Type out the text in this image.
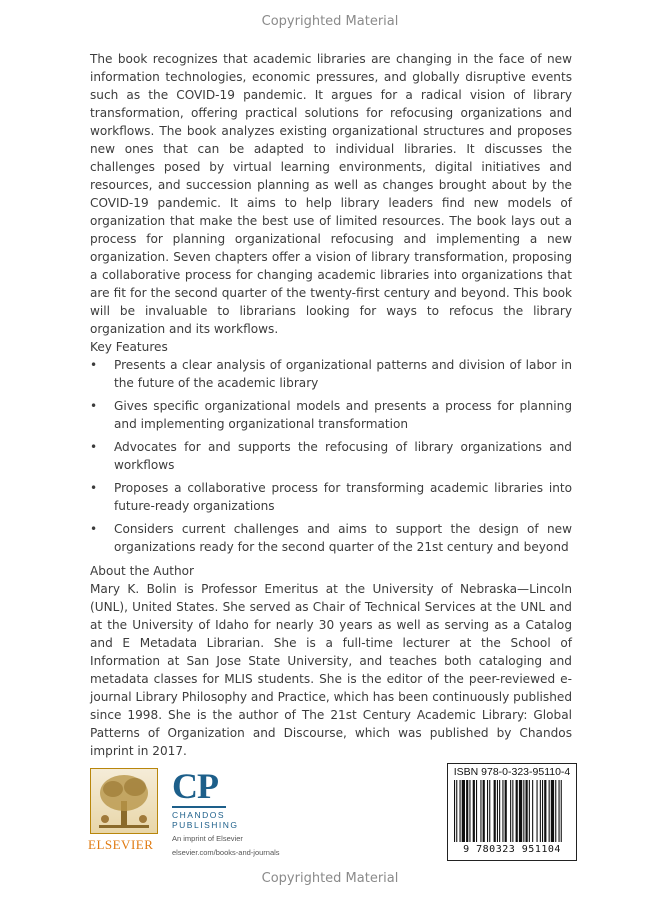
Copyrighted Material

The book recognizes that academic libraries are changing in the face of new information technologies, economic pressures, and globally disruptive events such as the COVID-19 pandemic. It argues for a radical vision of library transformation, offering practical solutions for refocusing organizations and workflows. The book analyzes existing organizational structures and proposes new ones that can be adapted to individual libraries. It discusses the challenges posed by virtual learning environments, digital initiatives and resources, and succession planning as well as changes brought about by the COVID-19 pandemic. It aims to help library leaders find new models of organization that make the best use of limited resources. The book lays out a process for planning organizational refocusing and implementing a new organization. Seven chapters offer a vision of library transformation, proposing a collaborative process for changing academic libraries into organizations that are fit for the second quarter of the twenty-first century and beyond. This book will be invaluable to librarians looking for ways to refocus the library organization and its workflows.

Key Features

• Presents a clear analysis of organizational patterns and division of labor in the future of the academic library
• Gives specific organizational models and presents a process for planning and implementing organizational transformation
• Advocates for and supports the refocusing of library organizations and workflows
• Proposes a collaborative process for transforming academic libraries into future-ready organizations
• Considers current challenges and aims to support the design of new organizations ready for the second quarter of the 21st century and beyond

About the Author

Mary K. Bolin is Professor Emeritus at the University of Nebraska—Lincoln (UNL), United States. She served as Chair of Technical Services at the UNL and at the University of Idaho for nearly 30 years as well as serving as a Catalog and E Metadata Librarian. She is a full-time lecturer at the School of Information at San Jose State University, and teaches both cataloging and metadata classes for MLIS students. She is the editor of the peer-reviewed e-journal Library Philosophy and Practice, which has been continuously published since 1998. She is the author of The 21st Century Academic Library: Global Patterns of Organization and Discourse, which was published by Chandos imprint in 2017.

ELSEVIER
CP
CHANDOS
PUBLISHING
An imprint of Elsevier
elsevier.com/books-and-journals
ISBN 978-0-323-95110-4
9 780323 951104
Copyrighted Material
